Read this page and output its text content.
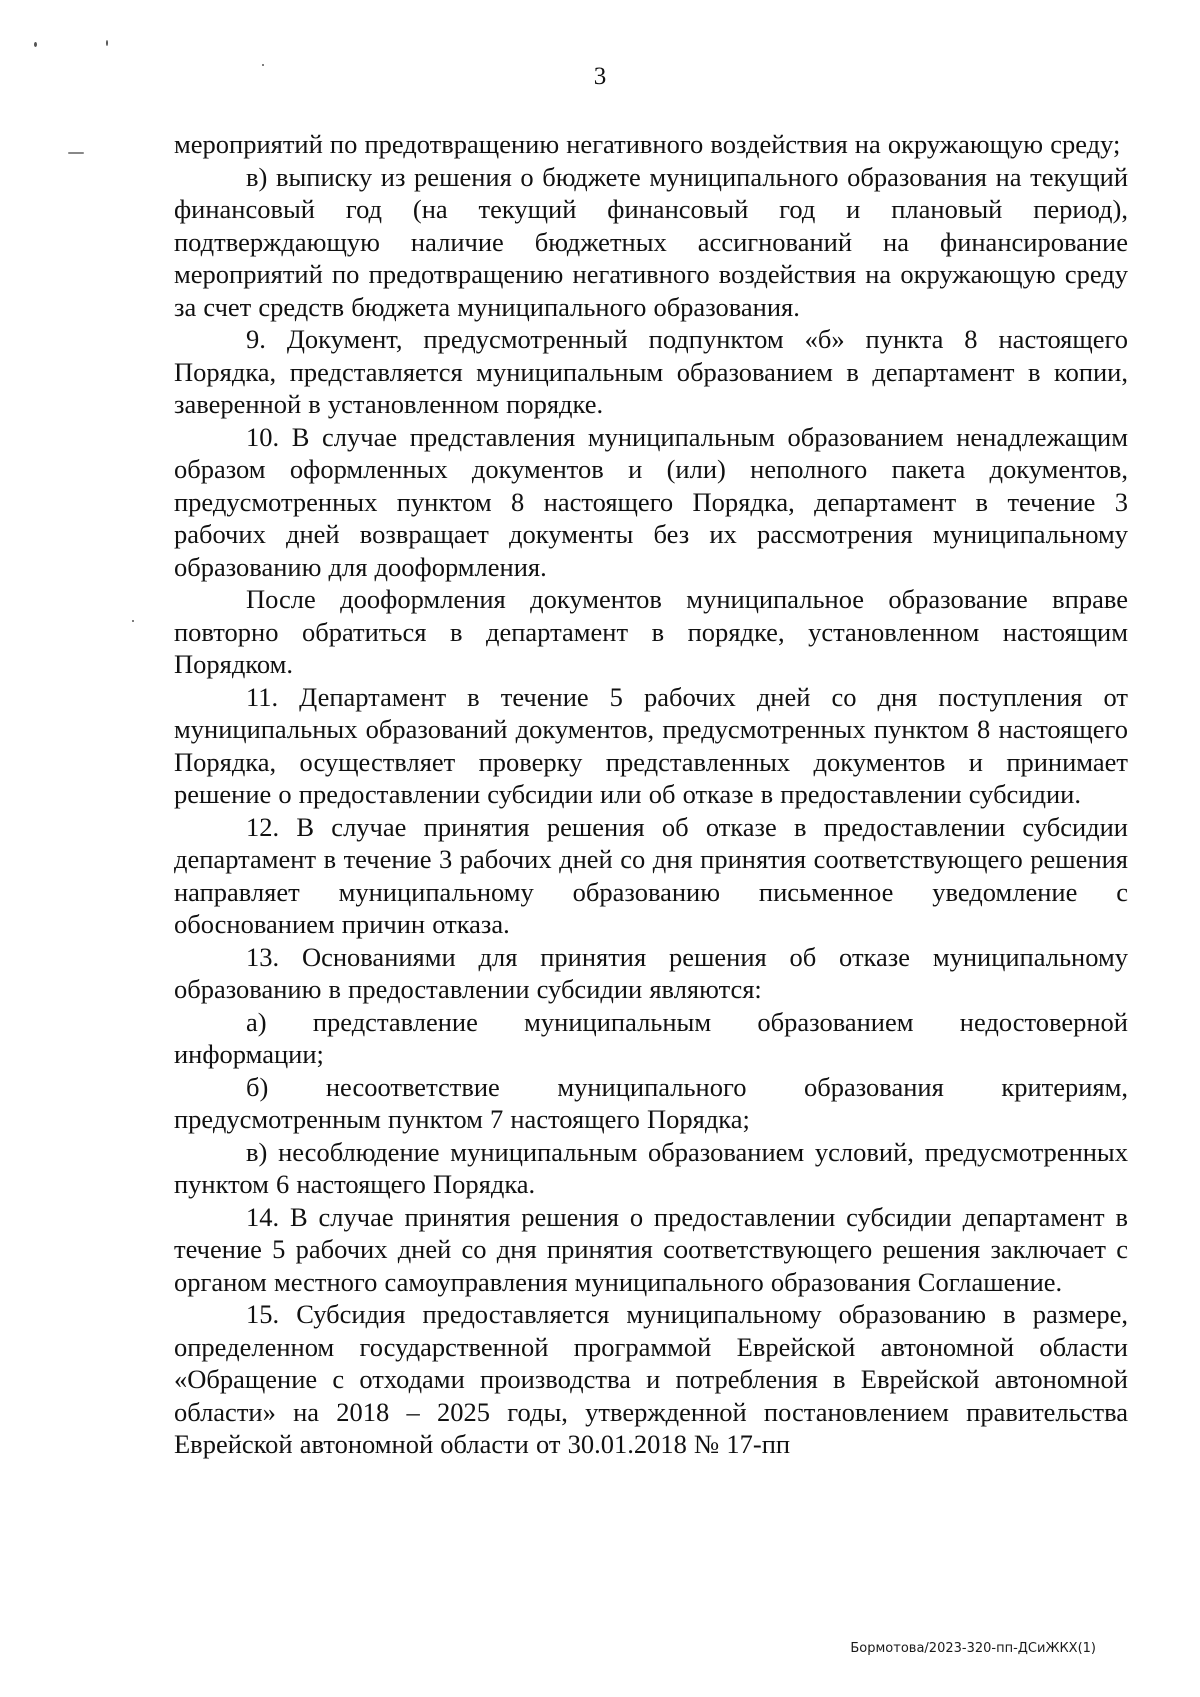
3

мероприятий по предотвращению негативного воздействия на окружающую среду;

в) выписку из решения о бюджете муниципального образования на текущий финансовый год (на текущий финансовый год и плановый период), подтверждающую наличие бюджетных ассигнований на финансирование мероприятий по предотвращению негативного воздействия на окружающую среду за счет средств бюджета муниципального образования.

9. Документ, предусмотренный подпунктом «б» пункта 8 настоящего Порядка, представляется муниципальным образованием в департамент в копии, заверенной в установленном порядке.

10. В случае представления муниципальным образованием ненадлежащим образом оформленных документов и (или) неполного пакета документов, предусмотренных пунктом 8 настоящего Порядка, департамент в течение 3 рабочих дней возвращает документы без их рассмотрения муниципальному образованию для дооформления.

После дооформления документов муниципальное образование вправе повторно обратиться в департамент в порядке, установленном настоящим Порядком.

11. Департамент в течение 5 рабочих дней со дня поступления от муниципальных образований документов, предусмотренных пунктом 8 настоящего Порядка, осуществляет проверку представленных документов и принимает решение о предоставлении субсидии или об отказе в предоставлении субсидии.

12. В случае принятия решения об отказе в предоставлении субсидии департамент в течение 3 рабочих дней со дня принятия соответствующего решения направляет муниципальному образованию письменное уведомление с обоснованием причин отказа.

13. Основаниями для принятия решения об отказе муниципальному образованию в предоставлении субсидии являются:

а) представление муниципальным образованием недостоверной информации;

б) несоответствие муниципального образования критериям, предусмотренным пунктом 7 настоящего Порядка;

в) несоблюдение муниципальным образованием условий, предусмотренных пунктом 6 настоящего Порядка.

14. В случае принятия решения о предоставлении субсидии департамент в течение 5 рабочих дней со дня принятия соответствующего решения заключает с органом местного самоуправления муниципального образования Соглашение.

15. Субсидия предоставляется муниципальному образованию в размере, определенном государственной программой Еврейской автономной области «Обращение с отходами производства и потребления в Еврейской автономной области» на 2018 – 2025 годы, утвержденной постановлением правительства Еврейской автономной области от 30.01.2018 № 17-пп

Бормотова/2023-320-пп-ДСиЖКХ(1)
